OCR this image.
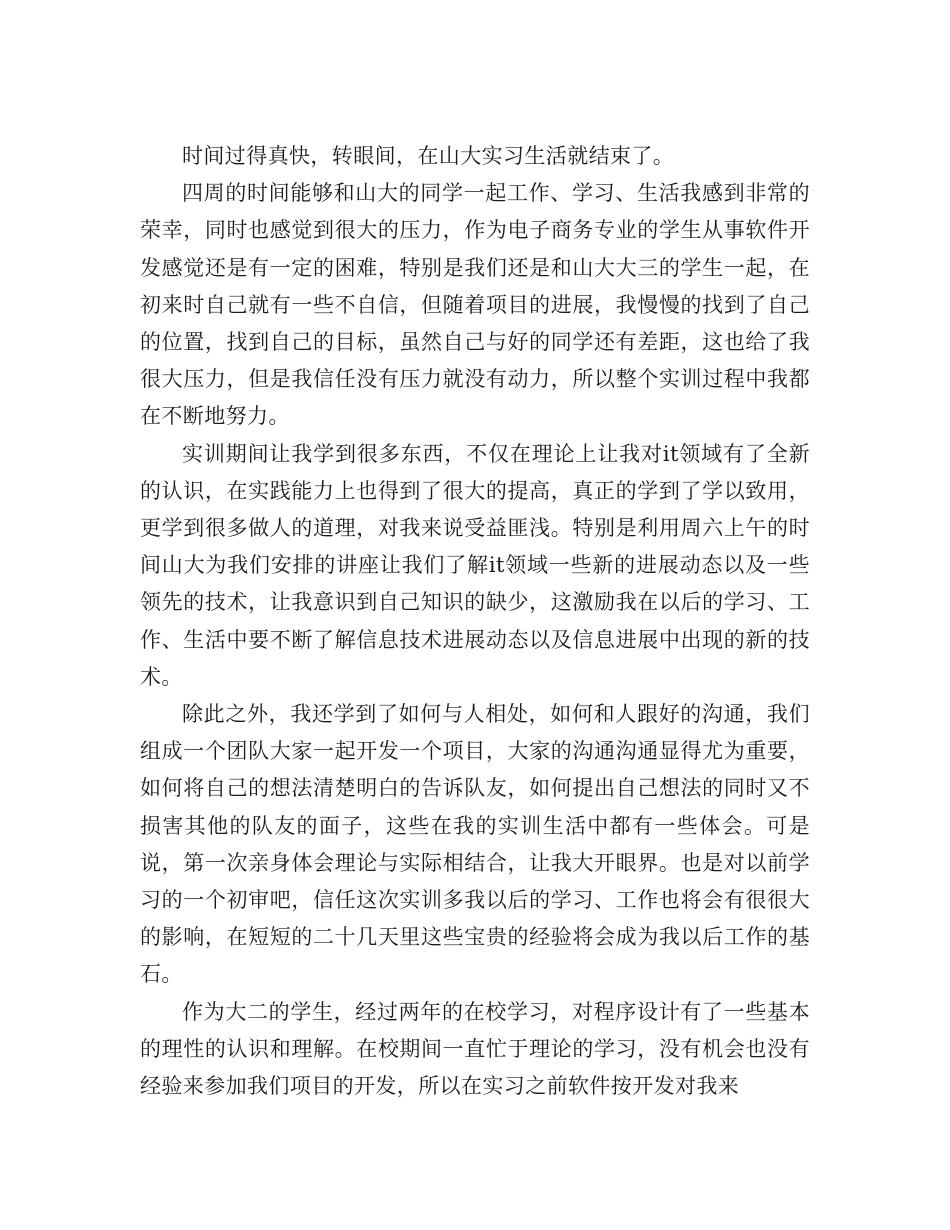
时间过得真快，转眼间，在山大实习生活就结束了。

四周的时间能够和山大的同学一起工作、学习、生活我感到非常的荣幸，同时也感觉到很大的压力，作为电子商务专业的学生从事软件开发感觉还是有一定的困难，特别是我们还是和山大大三的学生一起，在初来时自己就有一些不自信，但随着项目的进展，我慢慢的找到了自己的位置，找到自己的目标，虽然自己与好的同学还有差距，这也给了我很大压力，但是我信任没有压力就没有动力，所以整个实训过程中我都在不断地努力。

实训期间让我学到很多东西，不仅在理论上让我对it领域有了全新的认识，在实践能力上也得到了很大的提高，真正的学到了学以致用，更学到很多做人的道理，对我来说受益匪浅。特别是利用周六上午的时间山大为我们安排的讲座让我们了解it领域一些新的进展动态以及一些领先的技术，让我意识到自己知识的缺少，这激励我在以后的学习、工作、生活中要不断了解信息技术进展动态以及信息进展中出现的新的技术。

除此之外，我还学到了如何与人相处，如何和人跟好的沟通，我们组成一个团队大家一起开发一个项目，大家的沟通沟通显得尤为重要，如何将自己的想法清楚明白的告诉队友，如何提出自己想法的同时又不损害其他的队友的面子，这些在我的实训生活中都有一些体会。可是说，第一次亲身体会理论与实际相结合，让我大开眼界。也是对以前学习的一个初审吧，信任这次实训多我以后的学习、工作也将会有很很大的影响，在短短的二十几天里这些宝贵的经验将会成为我以后工作的基石。

作为大二的学生，经过两年的在校学习，对程序设计有了一些基本的理性的认识和理解。在校期间一直忙于理论的学习，没有机会也没有经验来参加我们项目的开发，所以在实习之前软件按开发对我来
